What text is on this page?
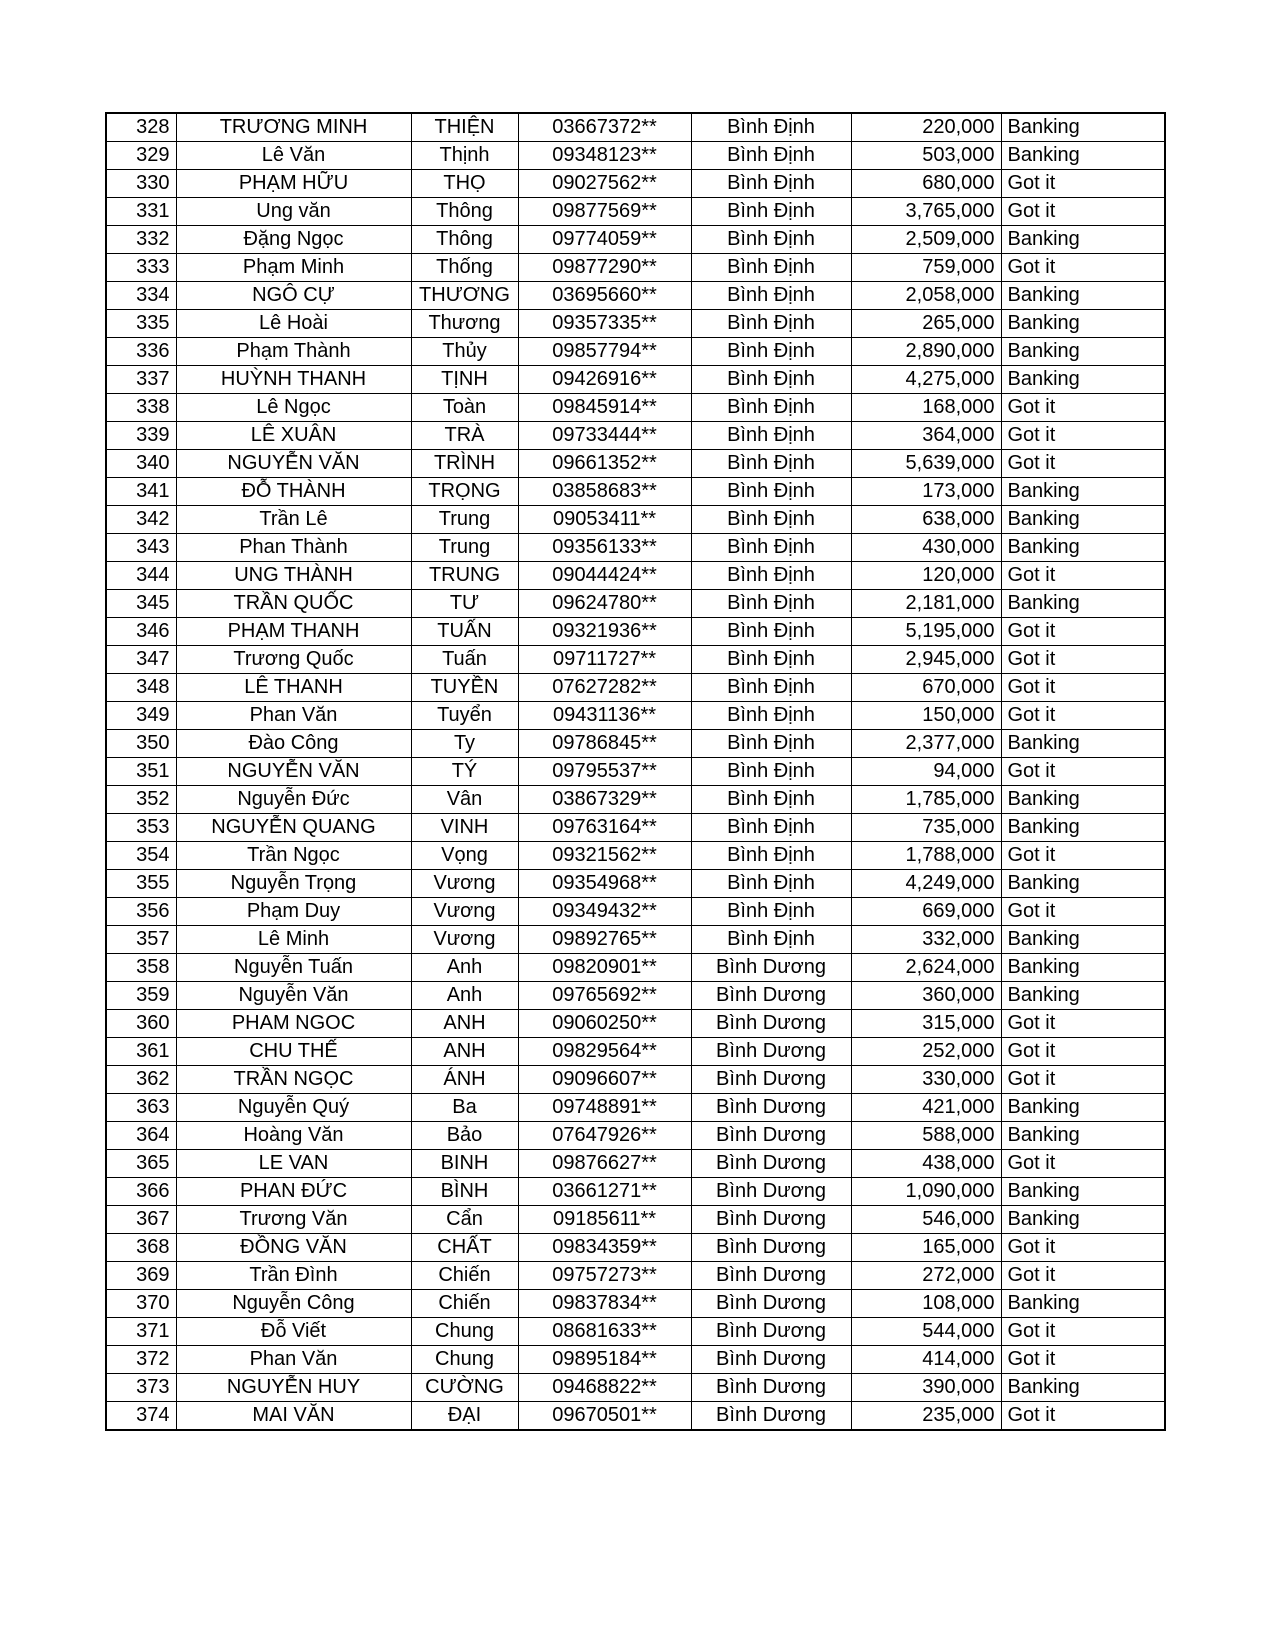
328	TRƯƠNG MINH	THIỆN	03667372**	Bình Định	220,000	Banking
329	Lê Văn	Thịnh	09348123**	Bình Định	503,000	Banking
330	PHẠM HỮU	THỌ	09027562**	Bình Định	680,000	Got it
331	Ung văn	Thông	09877569**	Bình Định	3,765,000	Got it
332	Đặng Ngọc	Thông	09774059**	Bình Định	2,509,000	Banking
333	Phạm Minh	Thống	09877290**	Bình Định	759,000	Got it
334	NGÔ CỰ	THƯƠNG	03695660**	Bình Định	2,058,000	Banking
335	Lê Hoài	Thương	09357335**	Bình Định	265,000	Banking
336	Phạm Thành	Thủy	09857794**	Bình Định	2,890,000	Banking
337	HUỲNH THANH	TỊNH	09426916**	Bình Định	4,275,000	Banking
338	Lê Ngọc	Toàn	09845914**	Bình Định	168,000	Got it
339	LÊ XUÂN	TRÀ	09733444**	Bình Định	364,000	Got it
340	NGUYỄN VĂN	TRÌNH	09661352**	Bình Định	5,639,000	Got it
341	ĐỖ THÀNH	TRỌNG	03858683**	Bình Định	173,000	Banking
342	Trần Lê	Trung	09053411**	Bình Định	638,000	Banking
343	Phan Thành	Trung	09356133**	Bình Định	430,000	Banking
344	UNG THÀNH	TRUNG	09044424**	Bình Định	120,000	Got it
345	TRẦN QUỐC	TƯ	09624780**	Bình Định	2,181,000	Banking
346	PHẠM THANH	TUẤN	09321936**	Bình Định	5,195,000	Got it
347	Trương Quốc	Tuấn	09711727**	Bình Định	2,945,000	Got it
348	LÊ THANH	TUYỀN	07627282**	Bình Định	670,000	Got it
349	Phan Văn	Tuyển	09431136**	Bình Định	150,000	Got it
350	Đào Công	Ty	09786845**	Bình Định	2,377,000	Banking
351	NGUYỄN VĂN	TÝ	09795537**	Bình Định	94,000	Got it
352	Nguyễn Đức	Vân	03867329**	Bình Định	1,785,000	Banking
353	NGUYỄN QUANG	VINH	09763164**	Bình Định	735,000	Banking
354	Trần Ngọc	Vọng	09321562**	Bình Định	1,788,000	Got it
355	Nguyễn Trọng	Vương	09354968**	Bình Định	4,249,000	Banking
356	Phạm Duy	Vương	09349432**	Bình Định	669,000	Got it
357	Lê Minh	Vương	09892765**	Bình Định	332,000	Banking
358	Nguyễn Tuấn	Anh	09820901**	Bình Dương	2,624,000	Banking
359	Nguyễn Văn	Anh	09765692**	Bình Dương	360,000	Banking
360	PHAM NGOC	ANH	09060250**	Bình Dương	315,000	Got it
361	CHU THẾ	ANH	09829564**	Bình Dương	252,000	Got it
362	TRẦN NGỌC	ÁNH	09096607**	Bình Dương	330,000	Got it
363	Nguyễn Quý	Ba	09748891**	Bình Dương	421,000	Banking
364	Hoàng Văn	Bảo	07647926**	Bình Dương	588,000	Banking
365	LE VAN	BINH	09876627**	Bình Dương	438,000	Got it
366	PHAN ĐỨC	BÌNH	03661271**	Bình Dương	1,090,000	Banking
367	Trương Văn	Cẩn	09185611**	Bình Dương	546,000	Banking
368	ĐỒNG VĂN	CHẤT	09834359**	Bình Dương	165,000	Got it
369	Trần Đình	Chiến	09757273**	Bình Dương	272,000	Got it
370	Nguyễn Công	Chiến	09837834**	Bình Dương	108,000	Banking
371	Đỗ Viết	Chung	08681633**	Bình Dương	544,000	Got it
372	Phan Văn	Chung	09895184**	Bình Dương	414,000	Got it
373	NGUYỄN HUY	CƯỜNG	09468822**	Bình Dương	390,000	Banking
374	MAI VĂN	ĐẠI	09670501**	Bình Dương	235,000	Got it
